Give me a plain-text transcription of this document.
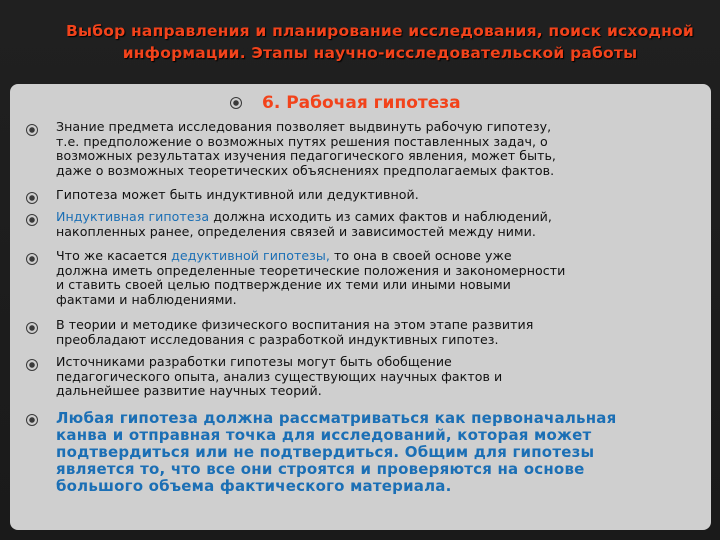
Выбор направления и планирование исследования, поиск исходной
информации. Этапы научно-исследовательской работы
6. Рабочая гипотеза
Знание предмета исследования позволяет выдвинуть рабочую гипотезу,
т.е. предположение о возможных путях решения поставленных задач, о
возможных результатах изучения педагогического явления, может быть,
даже о возможных теоретических объяснениях предполагаемых фактов.
Гипотеза может быть индуктивной или дедуктивной.
Индуктивная гипотеза должна исходить из самих фактов и наблюдений,
накопленных ранее, определения связей и зависимостей между ними.
Что же касается дедуктивной гипотезы, то она в своей основе уже
должна иметь определенные теоретические положения и закономерности
и ставить своей целью подтверждение их теми или иными новыми
фактами и наблюдениями.
В теории и методике физического воспитания на этом этапе развития
преобладают исследования с разработкой индуктивных гипотез.
Источниками разработки гипотезы могут быть обобщение
педагогического опыта, анализ существующих научных фактов и
дальнейшее развитие научных теорий.
Любая гипотеза должна рассматриваться как первоначальная
канва и отправная точка для исследований, которая может
подтвердиться или не подтвердиться. Общим для гипотезы
является то, что все они строятся и проверяются на основе
большого объема фактического материала.
